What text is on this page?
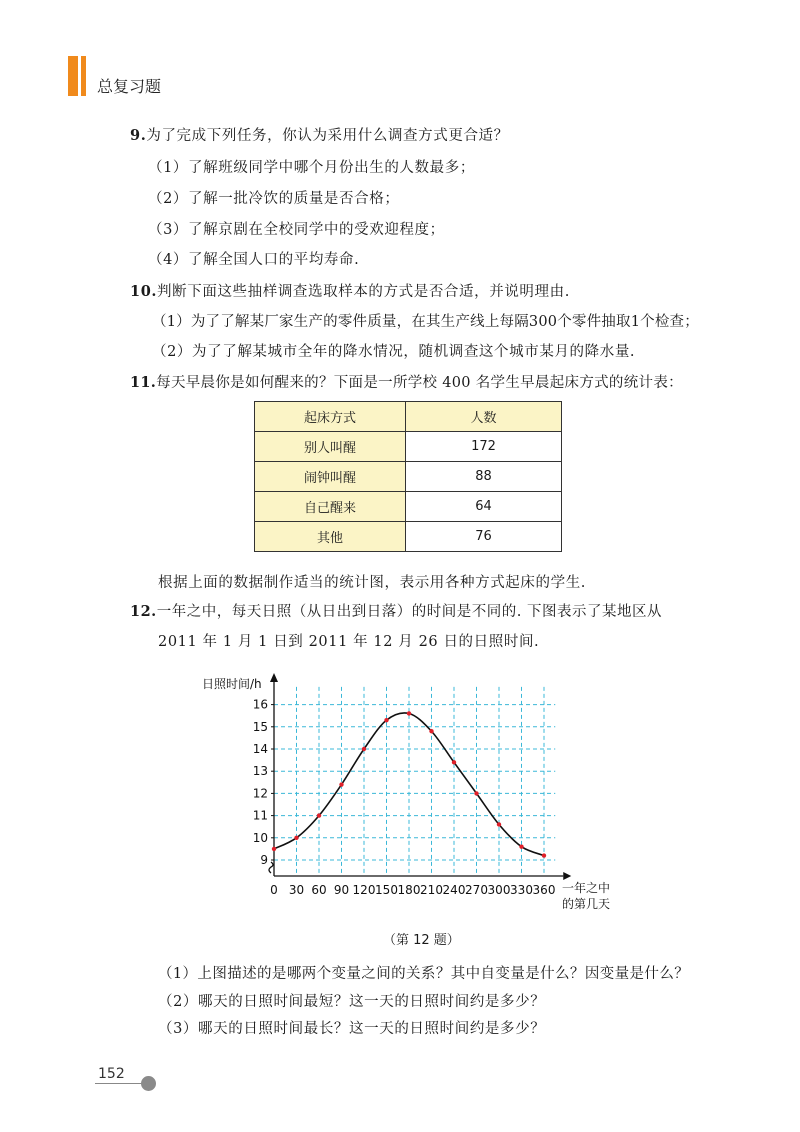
总复习题
9.为了完成下列任务，你认为采用什么调查方式更合适？
（1）了解班级同学中哪个月份出生的人数最多；
（2）了解一批冷饮的质量是否合格；
（3）了解京剧在全校同学中的受欢迎程度；
（4）了解全国人口的平均寿命.
10.判断下面这些抽样调查选取样本的方式是否合适，并说明理由.
（1）为了了解某厂家生产的零件质量，在其生产线上每隔300个零件抽取1个检查；
（2）为了了解某城市全年的降水情况，随机调查这个城市某月的降水量.
11.每天早晨你是如何醒来的？下面是一所学校 400 名学生早晨起床方式的统计表：
起床方式	人数
别人叫醒	172
闹钟叫醒	88
自己醒来	64
其他	76
根据上面的数据制作适当的统计图，表示用各种方式起床的学生.
12.一年之中，每天日照（从日出到日落）的时间是不同的. 下图表示了某地区从
2011 年 1 月 1 日到 2011 年 12 月 26 日的日照时间.
日照时间/h
9
10
11
12
13
14
15
16
0 30 60 90 120 150 180 210 240 270 300 330 360 一年之中
的第几天
（第 12 题）
（1）上图描述的是哪两个变量之间的关系？其中自变量是什么？因变量是什么？
（2）哪天的日照时间最短？这一天的日照时间约是多少？
（3）哪天的日照时间最长？这一天的日照时间约是多少？
152
